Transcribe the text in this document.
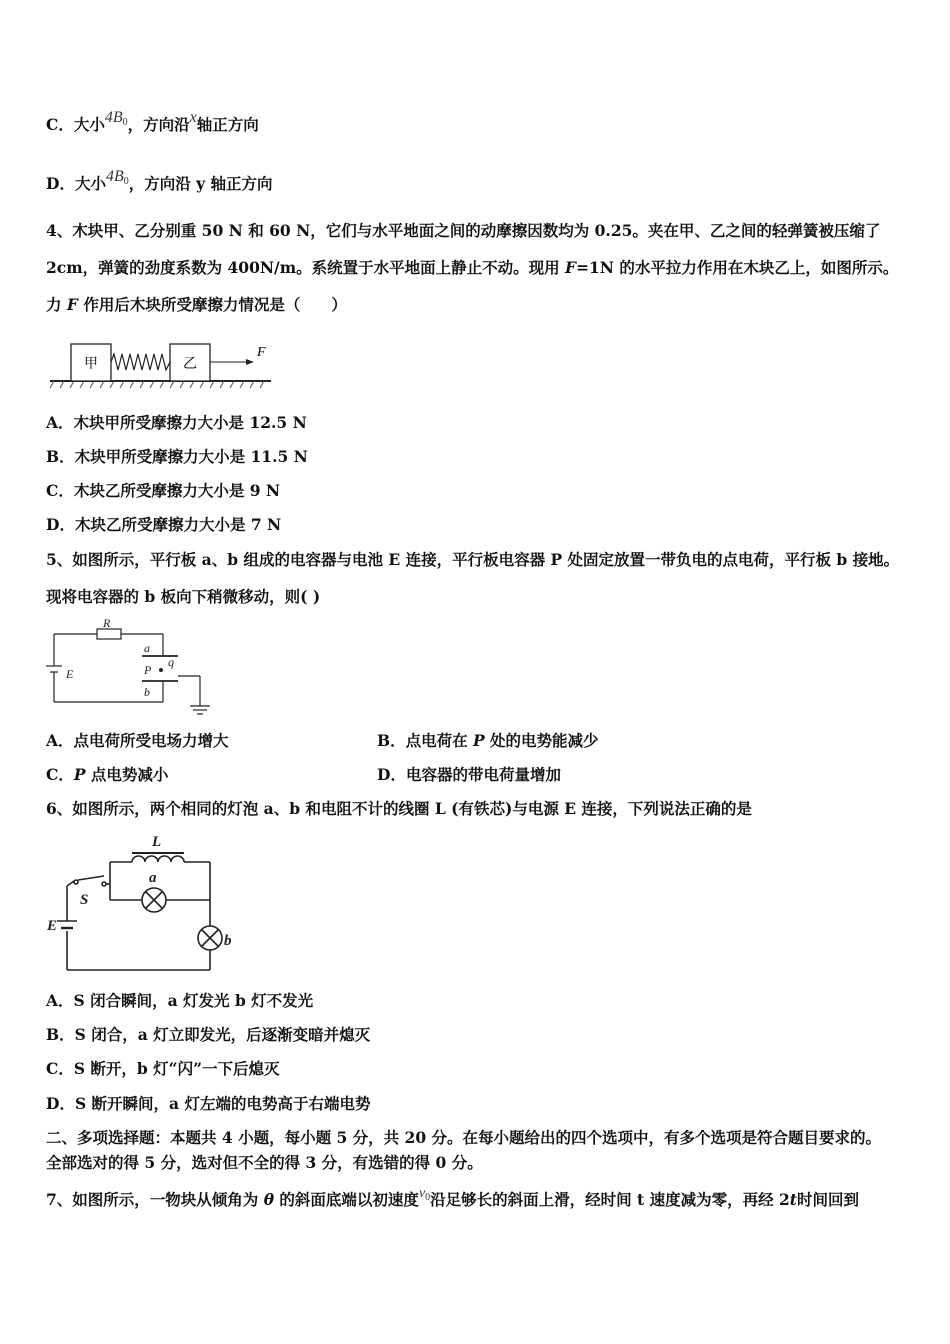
C．大小4B0，方向沿x轴正方向
D．大小4B0，方向沿 y 轴正方向
4、木块甲、乙分别重 50 N 和 60 N，它们与水平地面之间的动摩擦因数均为 0.25。夹在甲、乙之间的轻弹簧被压缩了
2cm，弹簧的劲度系数为 400N/m。系统置于水平地面上静止不动。现用 F=1N 的水平拉力作用在木块乙上，如图所示。
力 F 作用后木块所受摩擦力情况是（　　）
甲	乙
F
A．木块甲所受摩擦力大小是 12.5 N
B．木块甲所受摩擦力大小是 11.5 N
C．木块乙所受摩擦力大小是 9 N
D．木块乙所受摩擦力大小是 7 N
5、如图所示，平行板 a、b 组成的电容器与电池 E 连接，平行板电容器 P 处固定放置一带负电的点电荷，平行板 b 接地。
现将电容器的 b 板向下稍微移动，则( )
R
a
E	P
q
b
A．点电荷所受电场力增大	B．点电荷在 P 处的电势能减少
C．P 点电势减小	D．电容器的带电荷量增加
6、如图所示，两个相同的灯泡 a、b 和电阻不计的线圈 L (有铁芯)与电源 E 连接，下列说法正确的是
L
S
a
E
b
A．S 闭合瞬间，a 灯发光 b 灯不发光
B．S 闭合，a 灯立即发光，后逐渐变暗并熄灭
C．S 断开，b 灯“闪”一下后熄灭
D．S 断开瞬间，a 灯左端的电势高于右端电势
二、多项选择题：本题共 4 小题，每小题 5 分，共 20 分。在每小题给出的四个选项中，有多个选项是符合题目要求的。
全部选对的得 5 分，选对但不全的得 3 分，有选错的得 0 分。
7、如图所示，一物块从倾角为 θ 的斜面底端以初速度$v_0$沿足够长的斜面上滑，经时间 t 速度减为零，再经 2t时间回到
